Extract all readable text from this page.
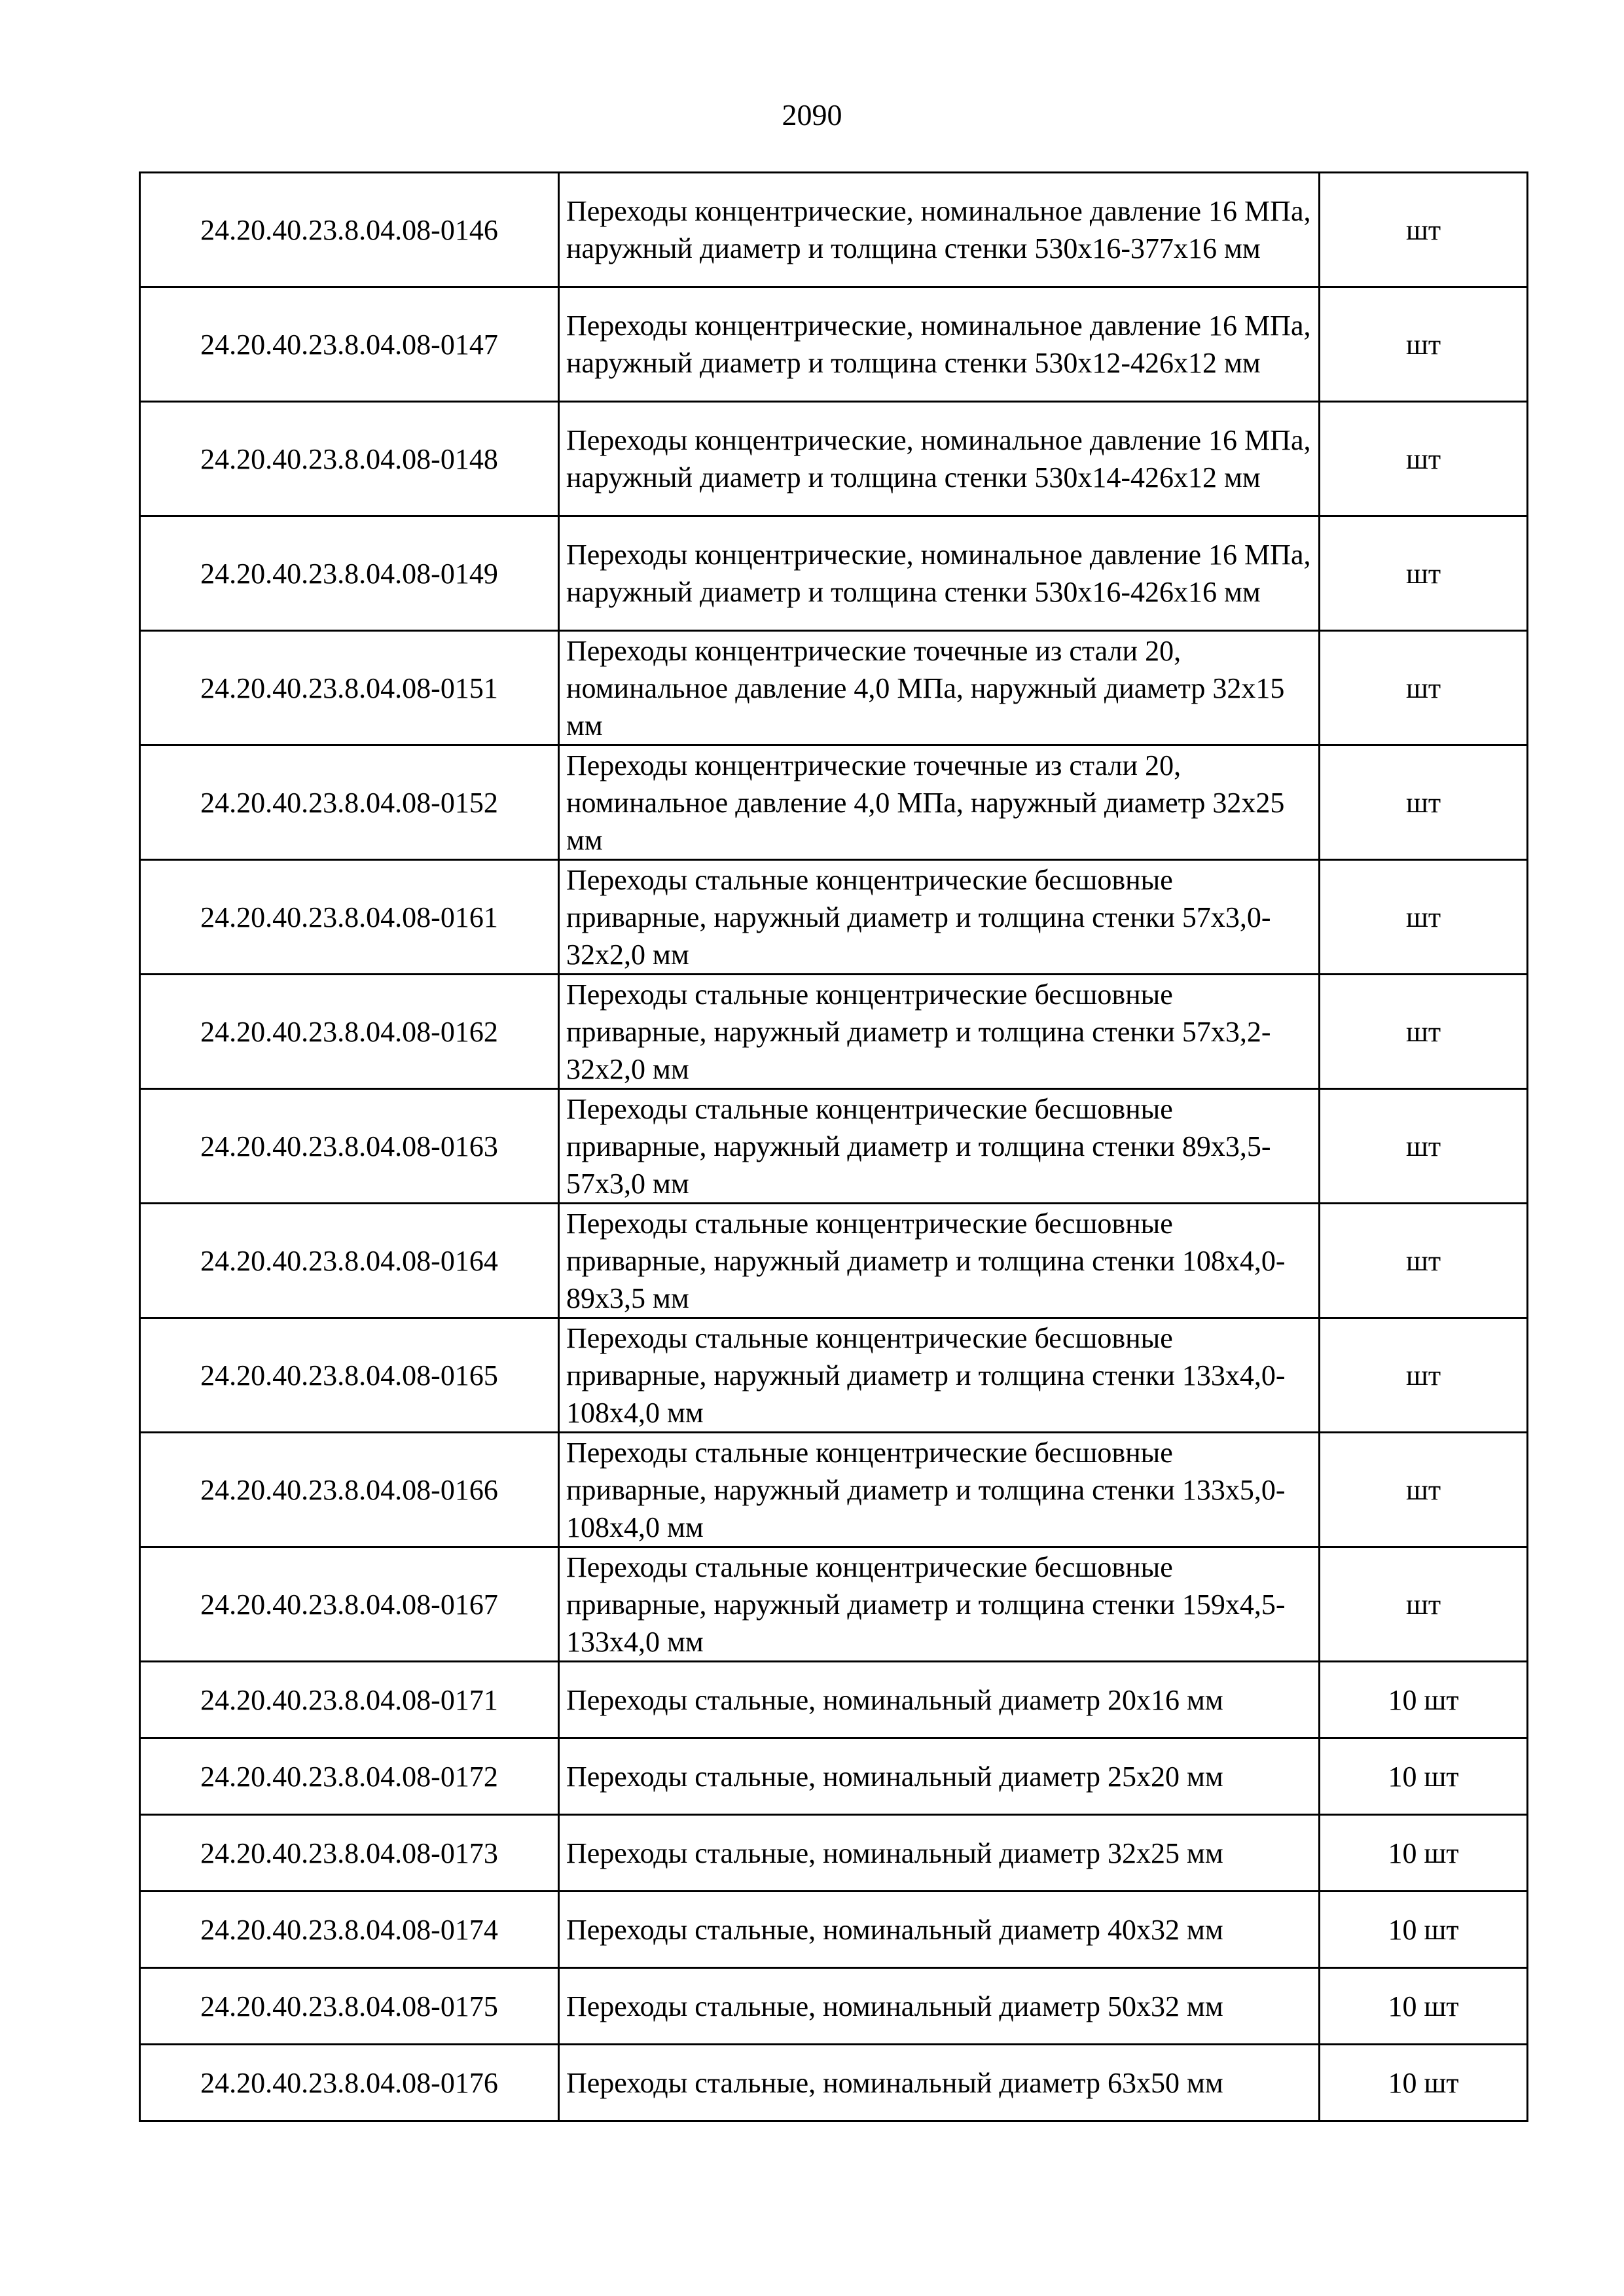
2090
24.20.40.23.8.04.08-0146	Переходы концентрические, номинальное давление 16 МПа, наружный диаметр и толщина стенки 530x16-377x16 мм	шт
24.20.40.23.8.04.08-0147	Переходы концентрические, номинальное давление 16 МПа, наружный диаметр и толщина стенки 530x12-426x12 мм	шт
24.20.40.23.8.04.08-0148	Переходы концентрические, номинальное давление 16 МПа, наружный диаметр и толщина стенки 530x14-426x12 мм	шт
24.20.40.23.8.04.08-0149	Переходы концентрические, номинальное давление 16 МПа, наружный диаметр и толщина стенки 530x16-426x16 мм	шт
24.20.40.23.8.04.08-0151	Переходы концентрические точечные из стали 20, номинальное давление 4,0 МПа, наружный диаметр 32x15 мм	шт
24.20.40.23.8.04.08-0152	Переходы концентрические точечные из стали 20, номинальное давление 4,0 МПа, наружный диаметр 32x25 мм	шт
24.20.40.23.8.04.08-0161	Переходы стальные концентрические бесшовные приварные, наружный диаметр и толщина стенки 57x3,0-32x2,0 мм	шт
24.20.40.23.8.04.08-0162	Переходы стальные концентрические бесшовные приварные, наружный диаметр и толщина стенки 57x3,2-32x2,0 мм	шт
24.20.40.23.8.04.08-0163	Переходы стальные концентрические бесшовные приварные, наружный диаметр и толщина стенки 89x3,5-57x3,0 мм	шт
24.20.40.23.8.04.08-0164	Переходы стальные концентрические бесшовные приварные, наружный диаметр и толщина стенки 108x4,0-89x3,5 мм	шт
24.20.40.23.8.04.08-0165	Переходы стальные концентрические бесшовные приварные, наружный диаметр и толщина стенки 133x4,0-108x4,0 мм	шт
24.20.40.23.8.04.08-0166	Переходы стальные концентрические бесшовные приварные, наружный диаметр и толщина стенки 133x5,0-108x4,0 мм	шт
24.20.40.23.8.04.08-0167	Переходы стальные концентрические бесшовные приварные, наружный диаметр и толщина стенки 159x4,5-133x4,0 мм	шт
24.20.40.23.8.04.08-0171	Переходы стальные, номинальный диаметр 20x16 мм	10 шт
24.20.40.23.8.04.08-0172	Переходы стальные, номинальный диаметр 25x20 мм	10 шт
24.20.40.23.8.04.08-0173	Переходы стальные, номинальный диаметр 32x25 мм	10 шт
24.20.40.23.8.04.08-0174	Переходы стальные, номинальный диаметр 40x32 мм	10 шт
24.20.40.23.8.04.08-0175	Переходы стальные, номинальный диаметр 50x32 мм	10 шт
24.20.40.23.8.04.08-0176	Переходы стальные, номинальный диаметр 63x50 мм	10 шт
